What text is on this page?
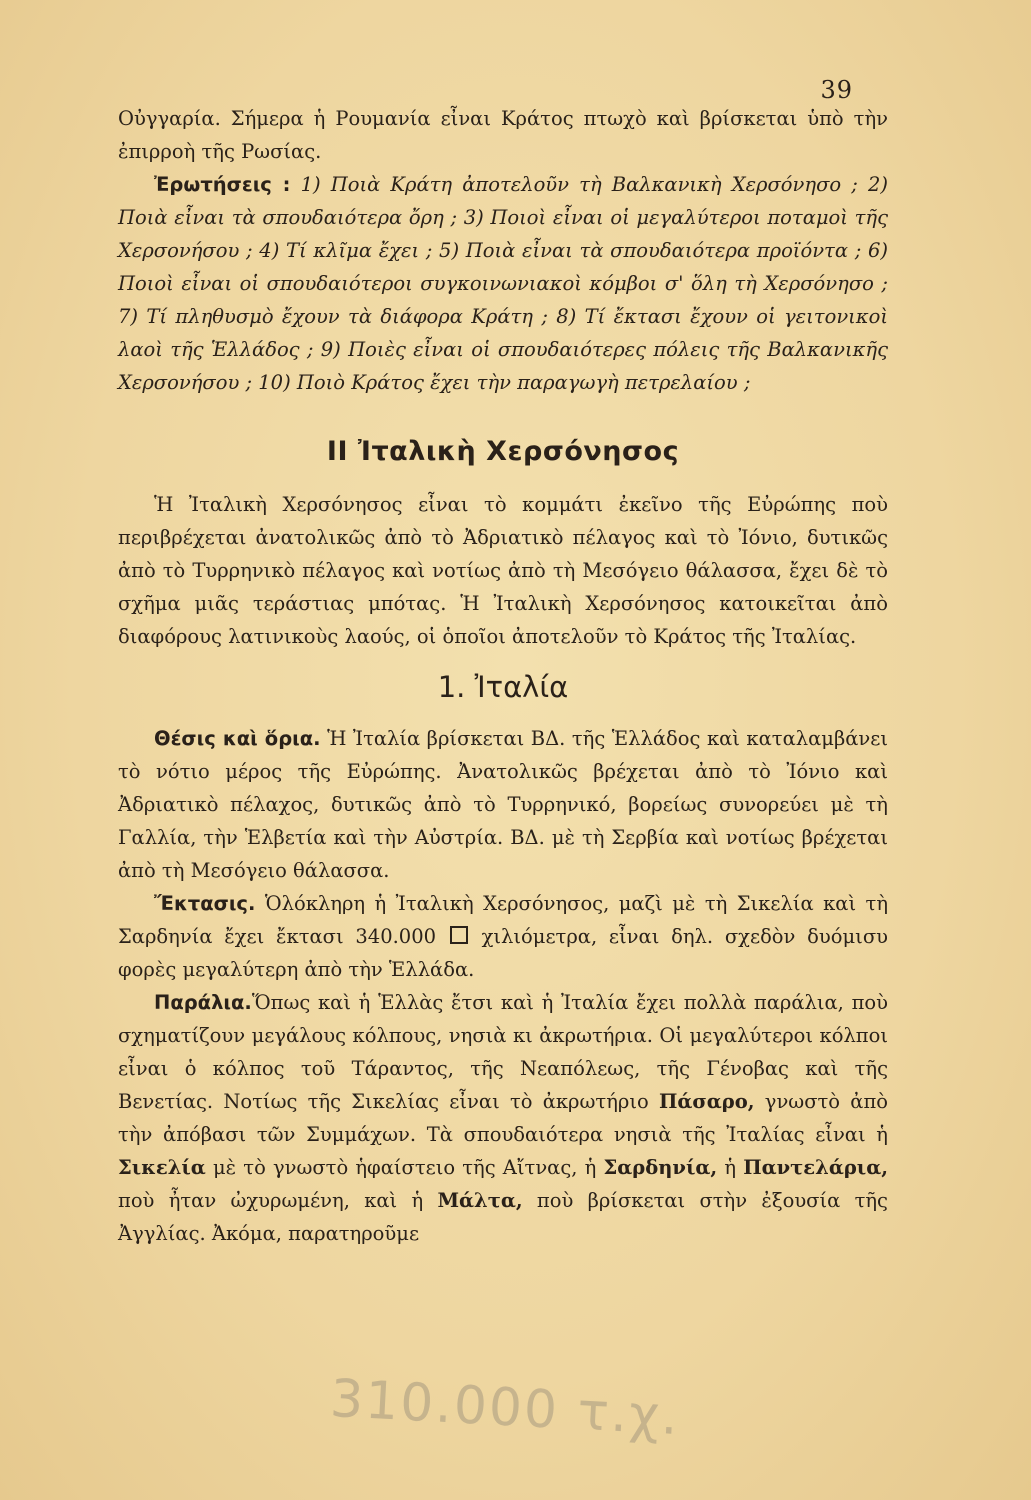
39

Οὐγγαρία. Σήμερα ἡ Ρουμανία εἶναι Κράτος πτωχὸ καὶ βρίσκεται ὑπὸ τὴν ἐπιρροὴ τῆς Ρωσίας.

Ἐρωτήσεις : 1) Ποιὰ Κράτη ἀποτελοῦν τὴ Βαλκανικὴ Χερσόνησο ; 2) Ποιὰ εἶναι τὰ σπουδαιότερα ὄρη ; 3) Ποιοὶ εἶναι οἱ μεγαλύτεροι ποταμοὶ τῆς Χερσονήσου ; 4) Τί κλῖμα ἔχει ; 5) Ποιὰ εἶναι τὰ σπουδαιότερα προϊόντα ; 6) Ποιοὶ εἶναι οἱ σπουδαιότεροι συγκοινωνιακοὶ κόμβοι σ' ὅλη τὴ Χερσόνησο ; 7) Τί πληθυσμὸ ἔχουν τὰ διάφορα Κράτη ; 8) Τί ἔκτασι ἔχουν οἱ γειτονικοὶ λαοὶ τῆς Ἑλλάδος ; 9) Ποιὲς εἶναι οἱ σπουδαιότερες πόλεις τῆς Βαλκανικῆς Χερσονήσου ; 10) Ποιὸ Κράτος ἔχει τὴν παραγωγὴ πετρελαίου ;

ΙΙ Ἰταλικὴ Χερσόνησος

Ἡ Ἰταλικὴ Χερσόνησος εἶναι τὸ κομμάτι ἐκεῖνο τῆς Εὐρώπης ποὺ περιβρέχεται ἀνατολικῶς ἀπὸ τὸ Ἀδριατικὸ πέλαγος καὶ τὸ Ἰόνιο, δυτικῶς ἀπὸ τὸ Τυρρηνικὸ πέλαγος καὶ νοτίως ἀπὸ τὴ Μεσόγειο θάλασσα, ἔχει δὲ τὸ σχῆμα μιᾶς τεράστιας μπότας. Ἡ Ἰταλικὴ Χερσόνησος κατοικεῖται ἀπὸ διαφόρους λατινικοὺς λαούς, οἱ ὁποῖοι ἀποτελοῦν τὸ Κράτος τῆς Ἰταλίας.

1. Ἰταλία

Θέσις καὶ ὅρια. Ἡ Ἰταλία βρίσκεται ΒΔ. τῆς Ἑλλάδος καὶ καταλαμβάνει τὸ νότιο μέρος τῆς Εὐρώπης. Ἀνατολικῶς βρέχεται ἀπὸ τὸ Ἰόνιο καὶ Ἀδριατικὸ πέλαχος, δυτικῶς ἀπὸ τὸ Τυρρηνικό, βορείως συνορεύει μὲ τὴ Γαλλία, τὴν Ἑλβετία καὶ τὴν Αὐστρία. ΒΔ. μὲ τὴ Σερβία καὶ νοτίως βρέχεται ἀπὸ τὴ Μεσόγειο θάλασσα.

Ἔκτασις. Ὁλόκληρη ἡ Ἰταλικὴ Χερσόνησος, μαζὶ μὲ τὴ Σικελία καὶ τὴ Σαρδηνία ἔχει ἔκτασι 340.000 χιλιόμετρα, εἶναι δηλ. σχεδὸν δυόμισυ φορὲς μεγαλύτερη ἀπὸ τὴν Ἑλλάδα.

Παράλια.Ὅπως καὶ ἡ Ἑλλὰς ἔτσι καὶ ἡ Ἰταλία ἔχει πολλὰ παράλια, ποὺ σχηματίζουν μεγάλους κόλπους, νησιὰ κι ἀκρωτήρια. Οἱ μεγαλύτεροι κόλποι εἶναι ὁ κόλπος τοῦ Τάραντος, τῆς Νεαπόλεως, τῆς Γένοβας καὶ τῆς Βενετίας. Νοτίως τῆς Σικελίας εἶναι τὸ ἀκρωτήριο Πάσαρο, γνωστὸ ἀπὸ τὴν ἀπόβασι τῶν Συμμάχων. Τὰ σπουδαιότερα νησιὰ τῆς Ἰταλίας εἶναι ἡ Σικελία μὲ τὸ γνωστὸ ἡφαίστειο τῆς Αἴτνας, ἡ Σαρδηνία, ἡ Παντελάρια, ποὺ ἦταν ὠχυρωμένη, καὶ ἡ Μάλτα, ποὺ βρίσκεται στὴν ἐξουσία τῆς Ἀγγλίας. Ἀκόμα, παρατηροῦμε

310.000 τ.χ.
